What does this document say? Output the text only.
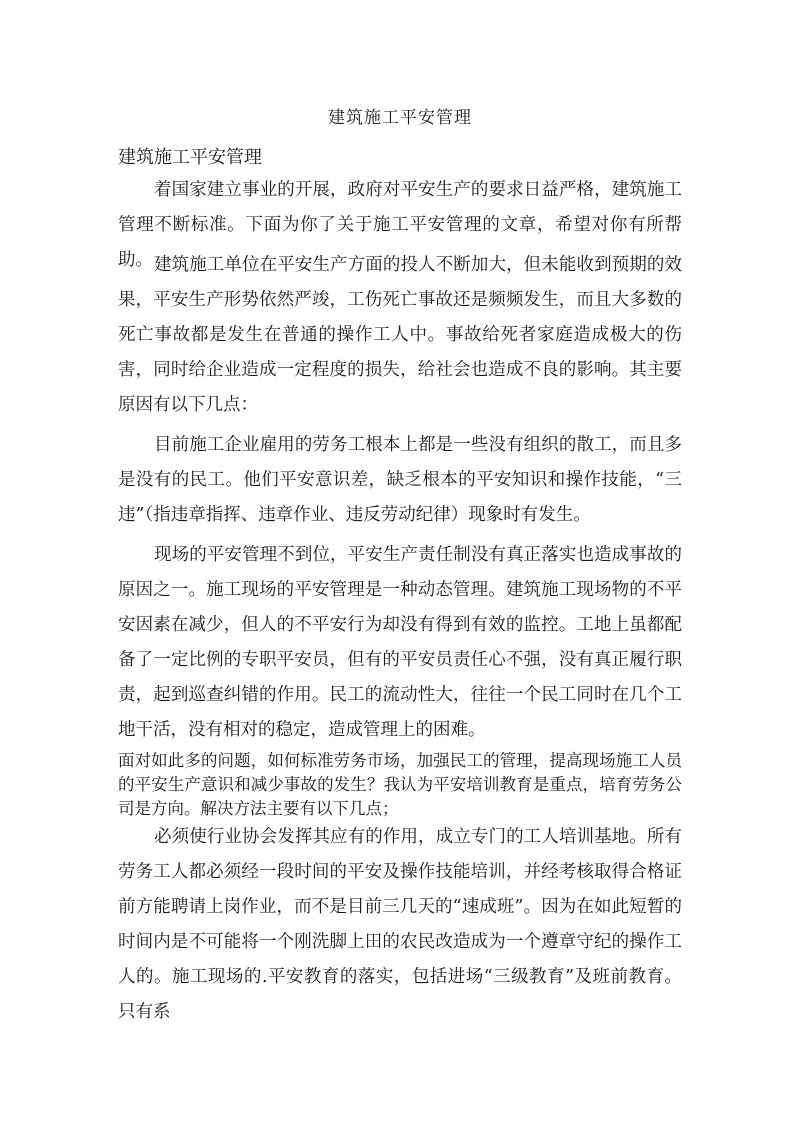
建筑施工平安管理

建筑施工平安管理

着国家建立事业的开展，政府对平安生产的要求日益严格，建筑施工管理不断标准。下面为你了关于施工平安管理的文章，希望对你有所帮助。 建筑施工单位在平安生产方面的投人不断加大，但未能收到预期的效果，平安生产形势依然严竣，工伤死亡事故还是频频发生，而且大多数的死亡事故都是发生在普通的操作工人中。事故给死者家庭造成极大的伤害，同时给企业造成一定程度的损失，给社会也造成不良的影响。其主要原因有以下几点：

目前施工企业雇用的劳务工根本上都是一些没有组织的散工，而且多是没有的民工。他们平安意识差，缺乏根本的平安知识和操作技能，“三违”（指违章指挥、违章作业、违反劳动纪律）现象时有发生。

现场的平安管理不到位，平安生产责任制没有真正落实也造成事故的原因之一。施工现场的平安管理是一种动态管理。建筑施工现场物的不平安因素在减少，但人的不平安行为却没有得到有效的监控。工地上虽都配备了一定比例的专职平安员，但有的平安员责任心不强，没有真正履行职责，起到巡查纠错的作用。民工的流动性大，往往一个民工同时在几个工地干活，没有相对的稳定，造成管理上的困难。

面对如此多的问题，如何标准劳务市场，加强民工的管理，提高现场施工人员的平安生产意识和减少事故的发生？我认为平安培训教育是重点，培育劳务公司是方向。解决方法主要有以下几点；

必须使行业协会发挥其应有的作用，成立专门的工人培训基地。所有劳务工人都必须经一段时间的平安及操作技能培训，并经考核取得合格证前方能聘请上岗作业，而不是目前三几天的“速成班”。因为在如此短暂的时间内是不可能将一个刚洗脚上田的农民改造成为一个遵章守纪的操作工人的。施工现场的.平安教育的落实，包括进场“三级教育”及班前教育。只有系
